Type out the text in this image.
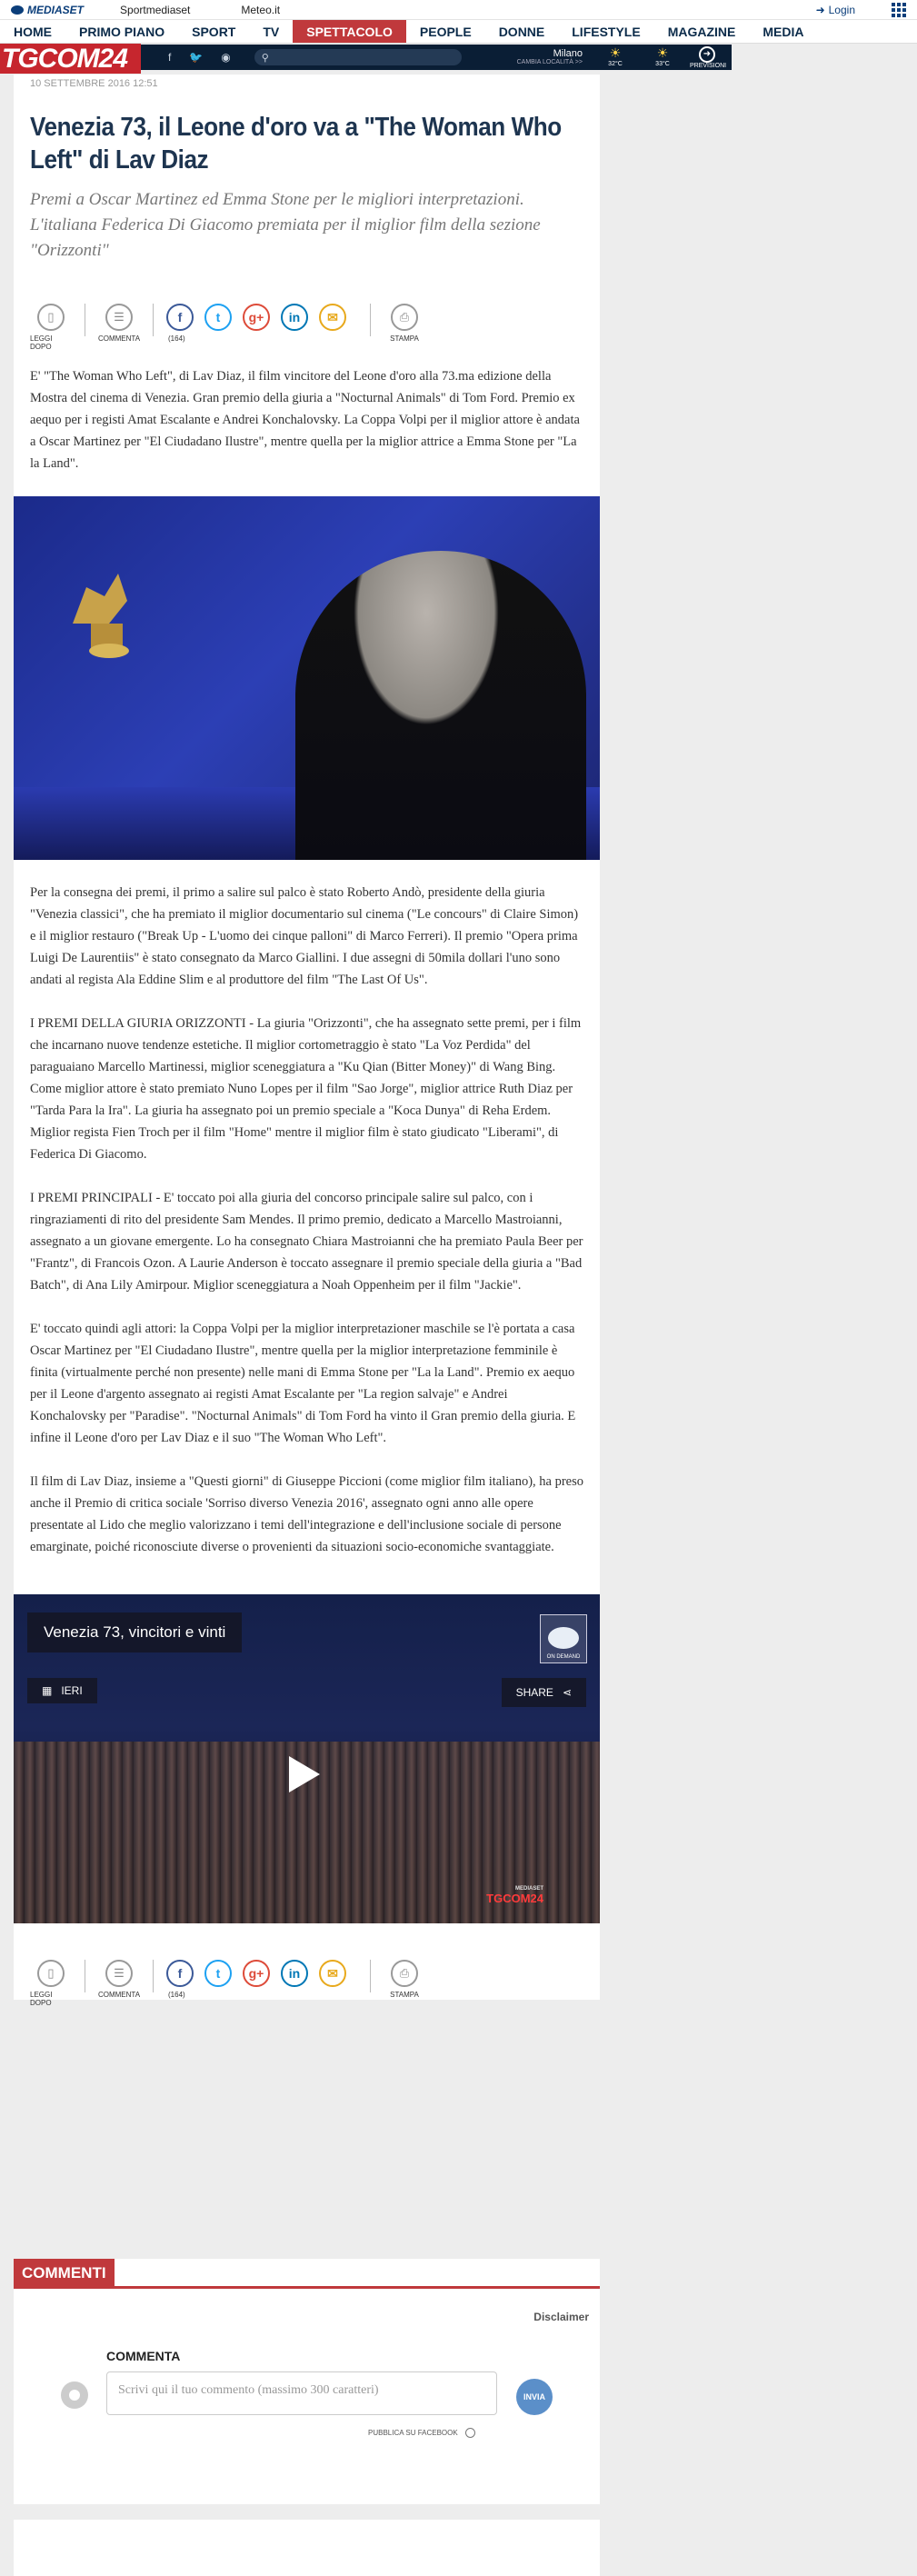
MEDIASET	Sportmediaset	Meteo.it	➜ Login
HOME	PRIMO PIANO	SPORT	TV	SPETTACOLO	PEOPLE	DONNE	LIFESTYLE	MAGAZINE	MEDIA
f 🐦 ◉	⚲	Milano
CAMBIA LOCALITÀ >>
☀
32°C
☀
33°C
➜
PREVISIONI
TGCOM24
10 SETTEMBRE 2016 12:51
Venezia 73, il Leone d'oro va a "The Woman Who Left" di Lav Diaz
Premi a Oscar Martinez ed Emma Stone per le migliori interpretazioni. L'italiana Federica Di Giacomo premiata per il miglior film della sezione "Orizzonti"
▯
LEGGI DOPO
☰
COMMENTA
f	t	g+	in	✉
(164)
⎙
STAMPA

E' "The Woman Who Left", di Lav Diaz, il film vincitore del Leone d'oro alla 73.ma edizione della Mostra del cinema di Venezia. Gran premio della giuria a "Nocturnal Animals" di Tom Ford. Premio ex aequo per i registi Amat Escalante e Andrei Konchalovsky. La Coppa Volpi per il miglior attore è andata a Oscar Martinez per "El Ciudadano Ilustre", mentre quella per la miglior attrice a Emma Stone per "La la Land".

Per la consegna dei premi, il primo a salire sul palco è stato Roberto Andò, presidente della giuria "Venezia classici", che ha premiato il miglior documentario sul cinema ("Le concours" di Claire Simon) e il miglior restauro ("Break Up - L'uomo dei cinque palloni" di Marco Ferreri). Il premio "Opera prima Luigi De Laurentiis" è stato consegnato da Marco Giallini. I due assegni di 50mila dollari l'uno sono andati al regista Ala Eddine Slim e al produttore del film "The Last Of Us".

I PREMI DELLA GIURIA ORIZZONTI - La giuria "Orizzonti", che ha assegnato sette premi, per i film che incarnano nuove tendenze estetiche. Il miglior cortometraggio è stato "La Voz Perdida" del paraguaiano Marcello Martinessi, miglior sceneggiatura a "Ku Qian (Bitter Money)" di Wang Bing. Come miglior attore è stato premiato Nuno Lopes per il film "Sao Jorge", miglior attrice Ruth Diaz per "Tarda Para la Ira". La giuria ha assegnato poi un premio speciale a "Koca Dunya" di Reha Erdem. Miglior regista Fien Troch per il film "Home" mentre il miglior film è stato giudicato "Liberami", di Federica Di Giacomo.

I PREMI PRINCIPALI - E' toccato poi alla giuria del concorso principale salire sul palco, con i ringraziamenti di rito del presidente Sam Mendes. Il primo premio, dedicato a Marcello Mastroianni, assegnato a un giovane emergente. Lo ha consegnato Chiara Mastroianni che ha premiato Paula Beer per "Frantz", di Francois Ozon. A Laurie Anderson è toccato assegnare il premio speciale della giuria a "Bad Batch", di Ana Lily Amirpour. Miglior sceneggiatura a Noah Oppenheim per il film "Jackie".

E' toccato quindi agli attori: la Coppa Volpi per la miglior interpretazioner maschile se l'è portata a casa Oscar Martinez per "El Ciudadano Ilustre", mentre quella per la miglior interpretazione femminile è finita (virtualmente perché non presente) nelle mani di Emma Stone per "La la Land". Premio ex aequo per il Leone d'argento assegnato ai registi Amat Escalante per "La region salvaje" e Andrei Konchalovsky per "Paradise". "Nocturnal Animals" di Tom Ford ha vinto il Gran premio della giuria. E infine il Leone d'oro per Lav Diaz e il suo "The Woman Who Left".

Il film di Lav Diaz, insieme a "Questi giorni" di Giuseppe Piccioni (come miglior film italiano), ha preso anche il Premio di critica sociale 'Sorriso diverso Venezia 2016', assegnato ogni anno alle opere presentate al Lido che meglio valorizzano i temi dell'integrazione e dell'inclusione sociale di persone emarginate, poiché riconosciute diverse o provenienti da situazioni socio-economiche svantaggiate.

Venezia 73, vincitori e vinti
▦ IERI	SHARE ⋖
ON DEMAND
MEDIASET
TGCOM24
▯
LEGGI DOPO
☰
COMMENTA
f	t	g+	in	✉
(164)
⎙
STAMPA
COMMENTI
Disclaimer
COMMENTA
Scrivi qui il tuo commento (massimo 300 caratteri)	INVIA
PUBBLICA SU FACEBOOK
